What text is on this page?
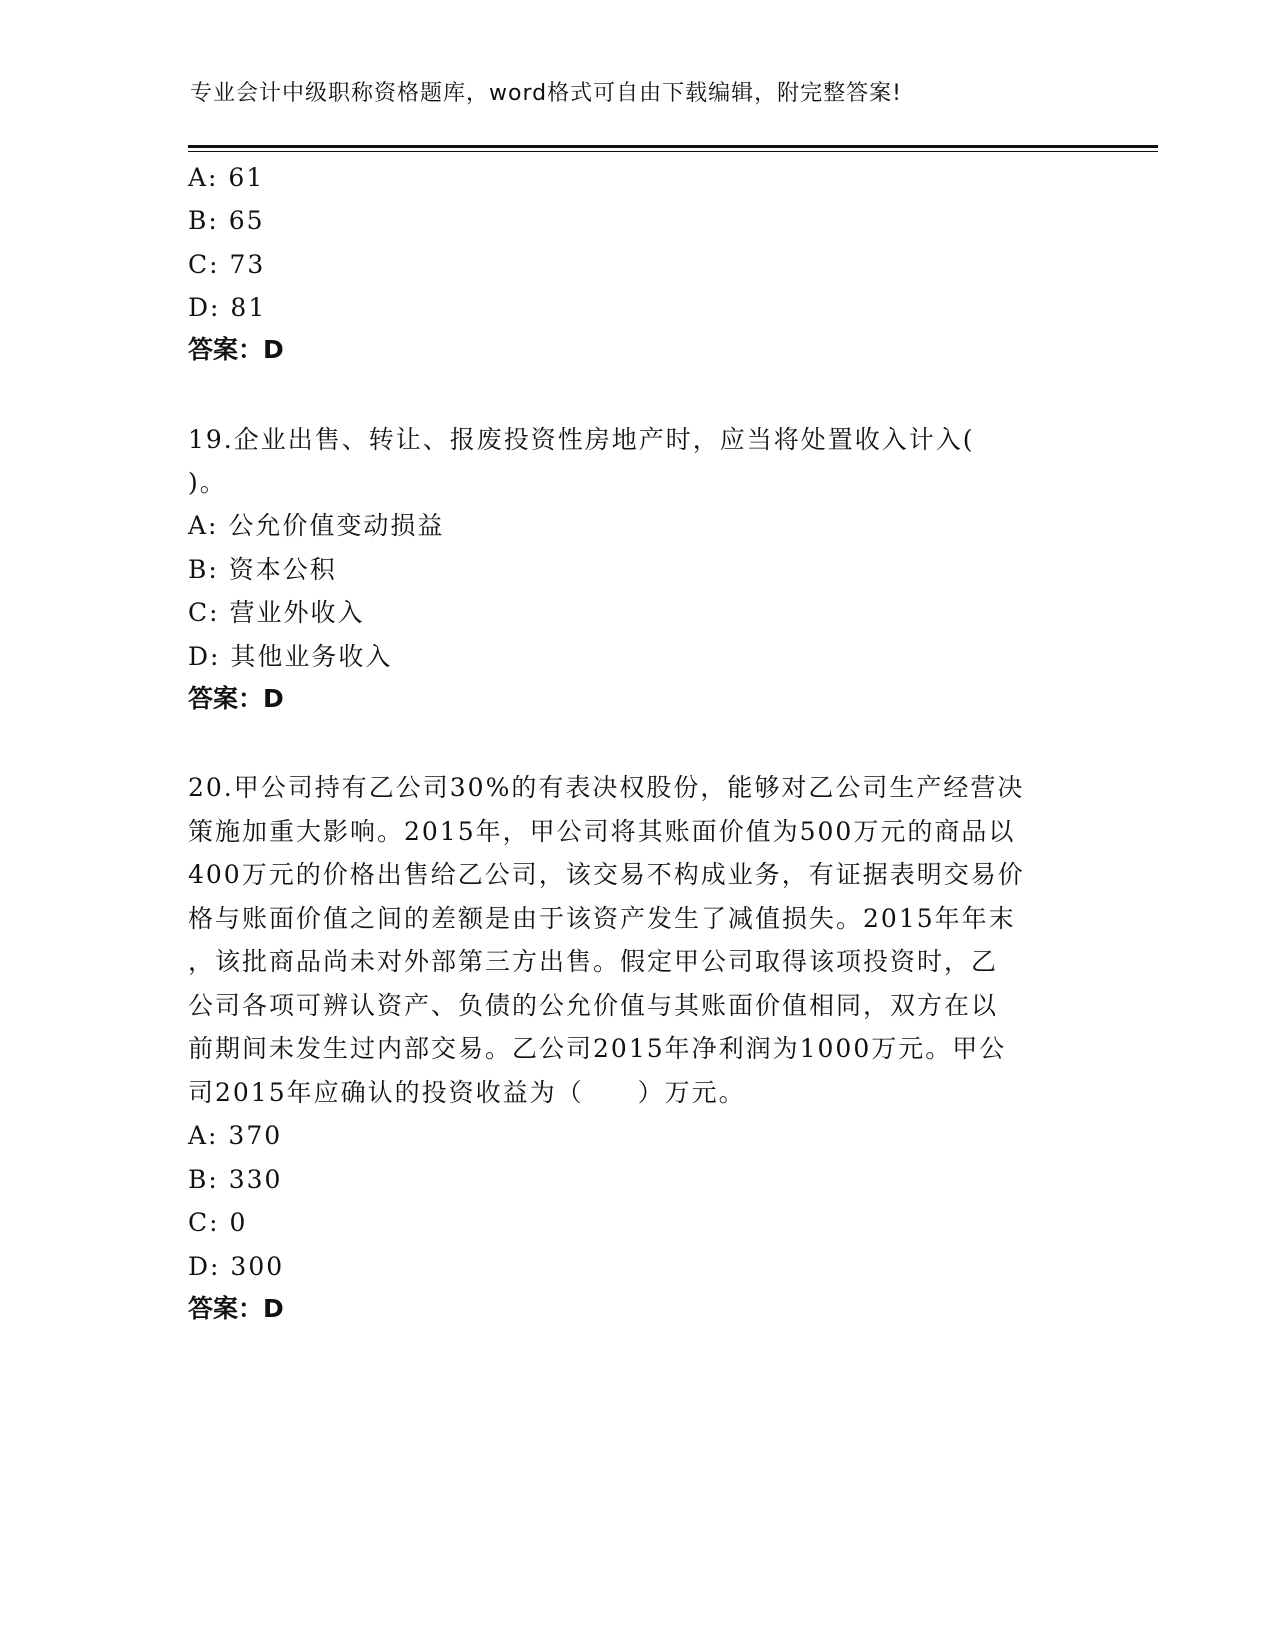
专业会计中级职称资格题库，word格式可自由下载编辑，附完整答案!
A: 61
B: 65
C: 73
D: 81
答案：D
19.企业出售、转让、报废投资性房地产时，应当将处置收入计入(
)。
A: 公允价值变动损益
B: 资本公积
C: 营业外收入
D: 其他业务收入
答案：D
20.甲公司持有乙公司30%的有表决权股份，能够对乙公司生产经营决
策施加重大影响。2015年，甲公司将其账面价值为500万元的商品以
400万元的价格出售给乙公司，该交易不构成业务，有证据表明交易价
格与账面价值之间的差额是由于该资产发生了减值损失。2015年年末
，该批商品尚未对外部第三方出售。假定甲公司取得该项投资时，乙
公司各项可辨认资产、负债的公允价值与其账面价值相同，双方在以
前期间未发生过内部交易。乙公司2015年净利润为1000万元。甲公
司2015年应确认的投资收益为（　　）万元。
A: 370
B: 330
C: 0
D: 300
答案：D
